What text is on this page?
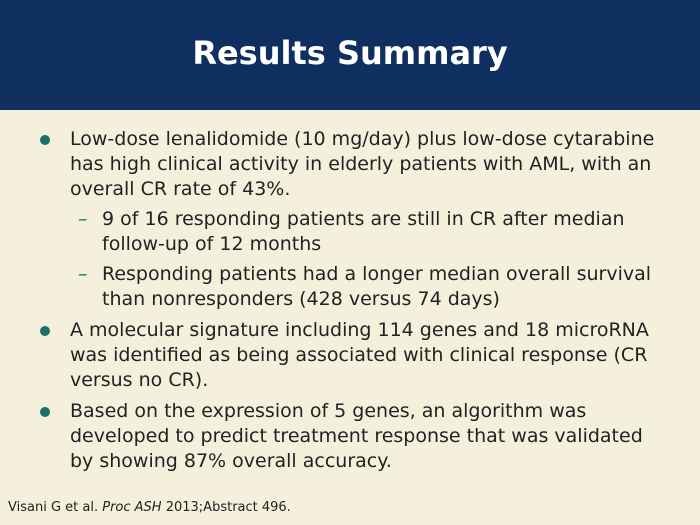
Results Summary
Low-dose lenalidomide (10 mg/day) plus low-dose cytarabine has high clinical activity in elderly patients with AML, with an overall CR rate of 43%.
– 9 of 16 responding patients are still in CR after median follow-up of 12 months
– Responding patients had a longer median overall survival than nonresponders (428 versus 74 days)
A molecular signature including 114 genes and 18 microRNA was identified as being associated with clinical response (CR versus no CR).
Based on the expression of 5 genes, an algorithm was developed to predict treatment response that was validated by showing 87% overall accuracy.
Visani G et al. Proc ASH 2013;Abstract 496.
